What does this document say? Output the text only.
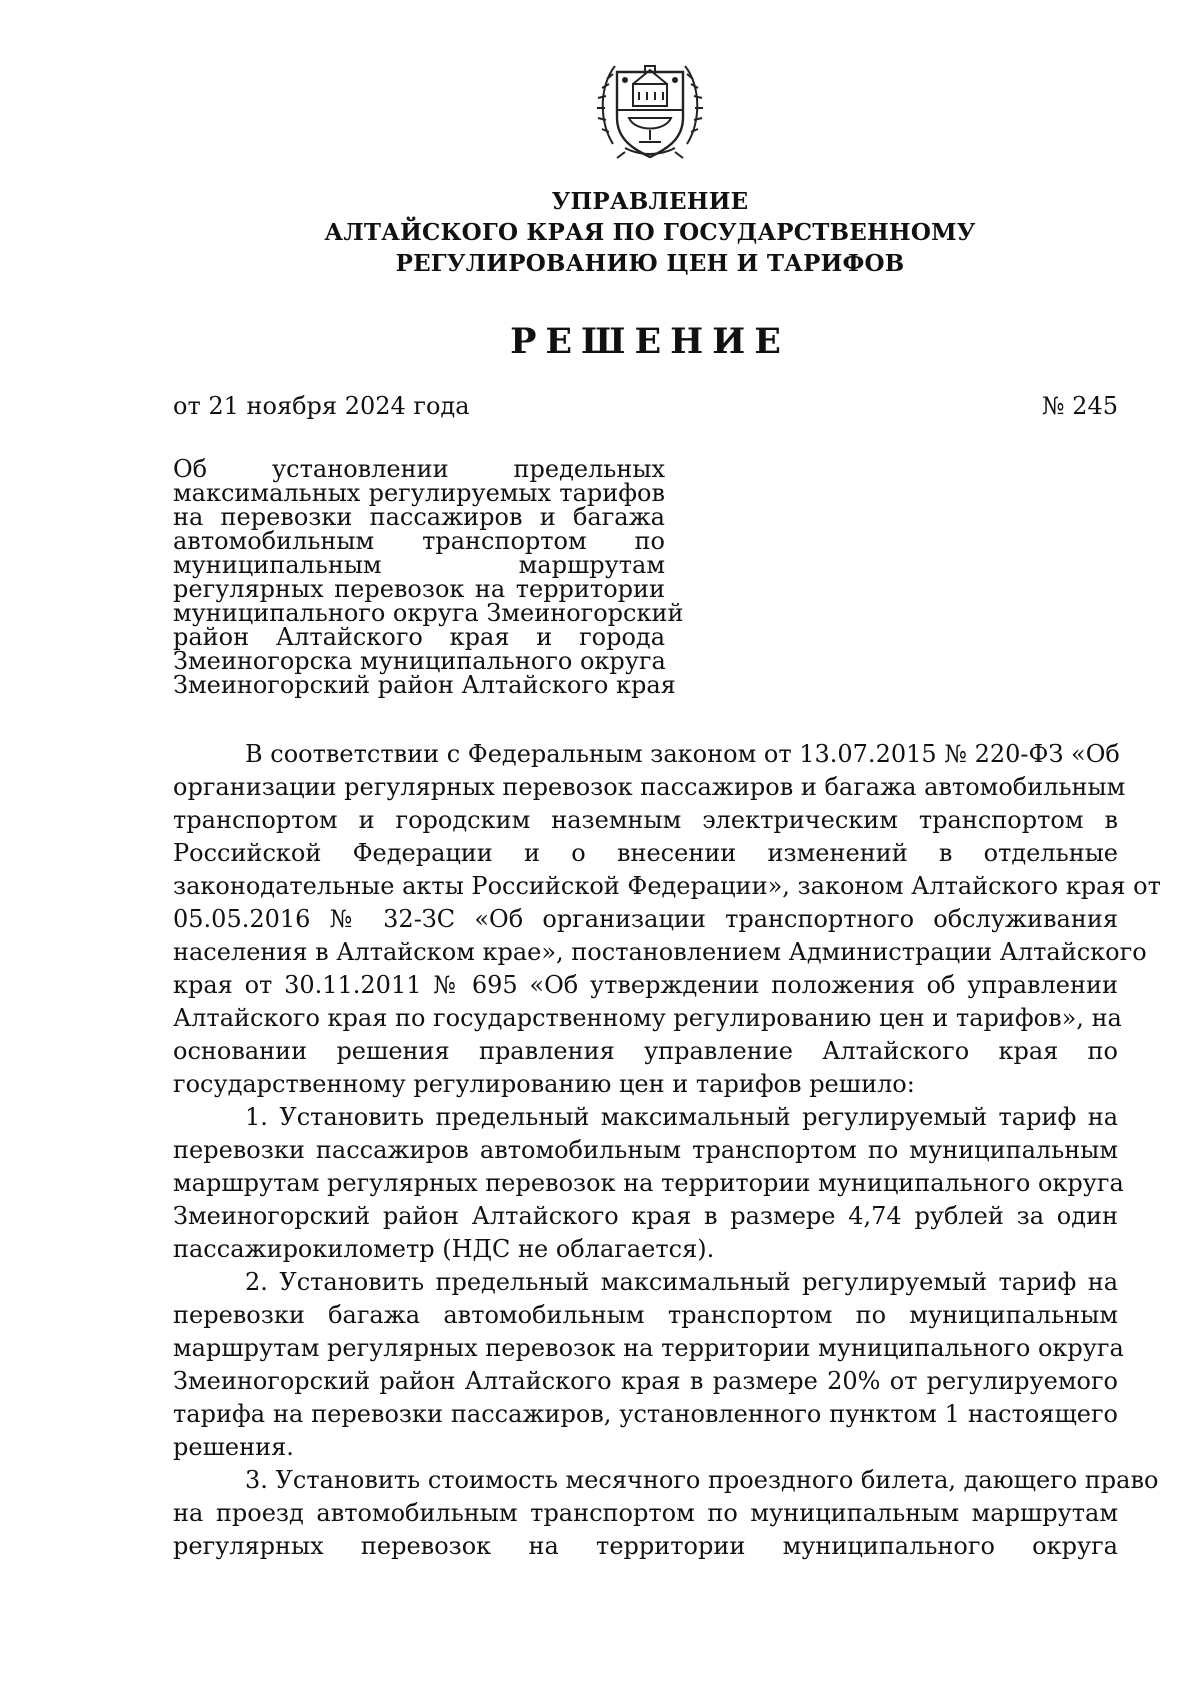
УПРАВЛЕНИЕ
АЛТАЙСКОГО КРАЯ ПО ГОСУДАРСТВЕННОМУ
РЕГУЛИРОВАНИЮ ЦЕН И ТАРИФОВ
РЕШЕНИЕ
от 21 ноября 2024 года	№ 245
Об установлении предельных
максимальных регулируемых тарифов
на перевозки пассажиров и багажа
автомобильным транспортом по
муниципальным маршрутам
регулярных перевозок на территории
муниципального округа Змеиногорский
район Алтайского края и города
Змеиногорска муниципального округа
Змеиногорский район Алтайского края
В соответствии с Федеральным законом от 13.07.2015 № 220-ФЗ «Об
организации регулярных перевозок пассажиров и багажа автомобильным
транспортом и городским наземным электрическим транспортом в
Российской Федерации и о внесении изменений в отдельные
законодательные акты Российской Федерации», законом Алтайского края от
05.05.2016 № 32-ЗС «Об организации транспортного обслуживания
населения в Алтайском крае», постановлением Администрации Алтайского
края от 30.11.2011 № 695 «Об утверждении положения об управлении
Алтайского края по государственному регулированию цен и тарифов», на
основании решения правления управление Алтайского края по
государственному регулированию цен и тарифов решило:
1. Установить предельный максимальный регулируемый тариф на
перевозки пассажиров автомобильным транспортом по муниципальным
маршрутам регулярных перевозок на территории муниципального округа
Змеиногорский район Алтайского края в размере 4,74 рублей за один
пассажирокилометр (НДС не облагается).
2. Установить предельный максимальный регулируемый тариф на
перевозки багажа автомобильным транспортом по муниципальным
маршрутам регулярных перевозок на территории муниципального округа
Змеиногорский район Алтайского края в размере 20% от регулируемого
тарифа на перевозки пассажиров, установленного пунктом 1 настоящего
решения.
3. Установить стоимость месячного проездного билета, дающего право
на проезд автомобильным транспортом по муниципальным маршрутам
регулярных перевозок на территории муниципального округа
